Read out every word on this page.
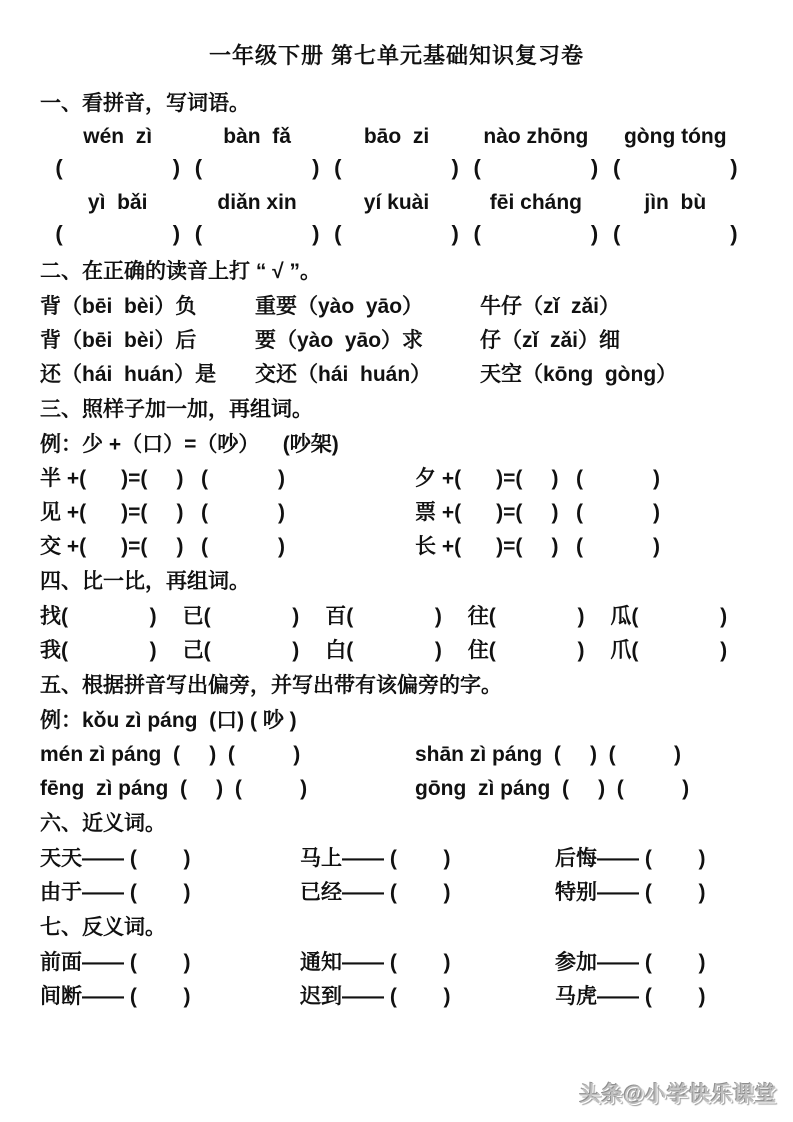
一年级下册 第七单元基础知识复习卷
一、看拼音，写词语。
wén  zì	bàn  fǎ	bāo  zi	nào zhōng	gòng tóng
(                  ) (                  ) (                  ) (                  ) (                  )
yì  bǎi	diǎn xin	yí kuài	fēi cháng	jìn  bù
(                  ) (                  ) (                  ) (                  ) (                  )
二、在正确的读音上打 “ √ ”。
背（bēi  bèi）负	重要（yào  yāo）	牛仔（zǐ  zǎi）
背（bēi  bèi）后	要（yào  yāo）求	仔（zǐ  zǎi）细
还（hái  huán）是	交还（hái  huán）	天空（kōng  gòng）
三、照样子加一加，再组词。
例：少 +（口）=（吵）    (吵架)
半 +(      )=(     )   (            )	夕 +(      )=(     )   (            )
见 +(      )=(     )   (            )	票 +(      )=(     )   (            )
交 +(      )=(     )   (            )	长 +(      )=(     )   (            )
四、比一比，再组词。
找(              )	已(              )	百(              )	往(              )	瓜(              )
我(              )	己(              )	白(              )	住(              )	爪(              )
五、根据拼音写出偏旁，并写出带有该偏旁的字。
例：kǒu zì páng  (口) ( 吵 )
mén zì páng  (     )  (          )	shān zì páng  (     )  (          )
fēng  zì páng  (     )  (          )	gōng  zì páng  (     )  (          )
六、近义词。
天天—— (        )	马上—— (        )	后悔—— (        )
由于—— (        )	已经—— (        )	特别—— (        )
七、反义词。
前面—— (        )	通知—— (        )	参加—— (        )
间断—— (        )	迟到—— (        )	马虎—— (        )
头条@小学快乐课堂
